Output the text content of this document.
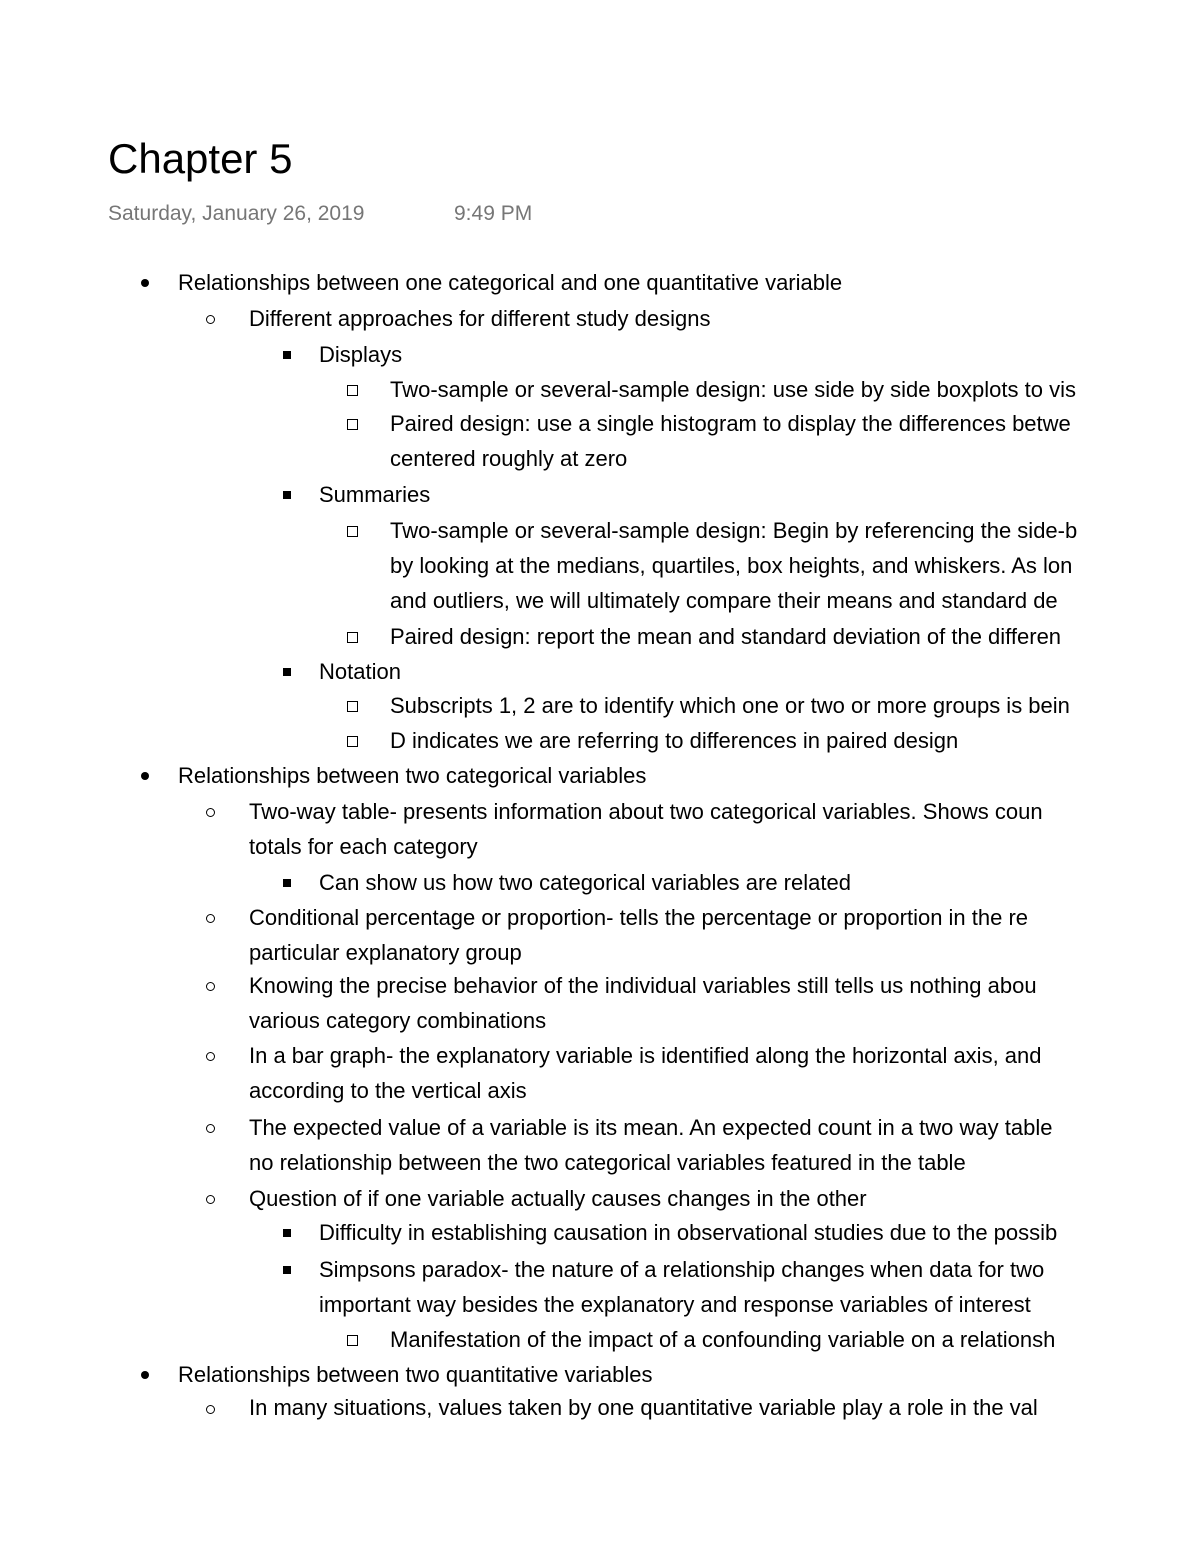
Chapter 5
Saturday, January 26, 2019	9:49 PM
Relationships between one categorical and one quantitative variable
Different approaches for different study designs
Displays
Two-sample or several-sample design: use side by side boxplots to vis
Paired design: use a single histogram to display the differences betwe
centered roughly at zero
Summaries
Two-sample or several-sample design: Begin by referencing the side-b
by looking at the medians, quartiles, box heights, and whiskers. As lon
and outliers, we will ultimately compare their means and standard de
Paired design: report the mean and standard deviation of the differen
Notation
Subscripts 1, 2 are to identify which one or two or more groups is bein
D indicates we are referring to differences in paired design
Relationships between two categorical variables
Two-way table- presents information about two categorical variables. Shows coun
totals for each category
Can show us how two categorical variables are related
Conditional percentage or proportion- tells the percentage or proportion in the re
particular explanatory group
Knowing the precise behavior of the individual variables still tells us nothing abou
various category combinations
In a bar graph- the explanatory variable is identified along the horizontal axis, and
according to the vertical axis
The expected value of a variable is its mean. An expected count in a two way table
no relationship between the two categorical variables featured in the table
Question of if one variable actually causes changes in the other
Difficulty in establishing causation in observational studies due to the possib
Simpsons paradox- the nature of a relationship changes when data for two
important way besides the explanatory and response variables of interest
Manifestation of the impact of a confounding variable on a relationsh
Relationships between two quantitative variables
In many situations, values taken by one quantitative variable play a role in the val
